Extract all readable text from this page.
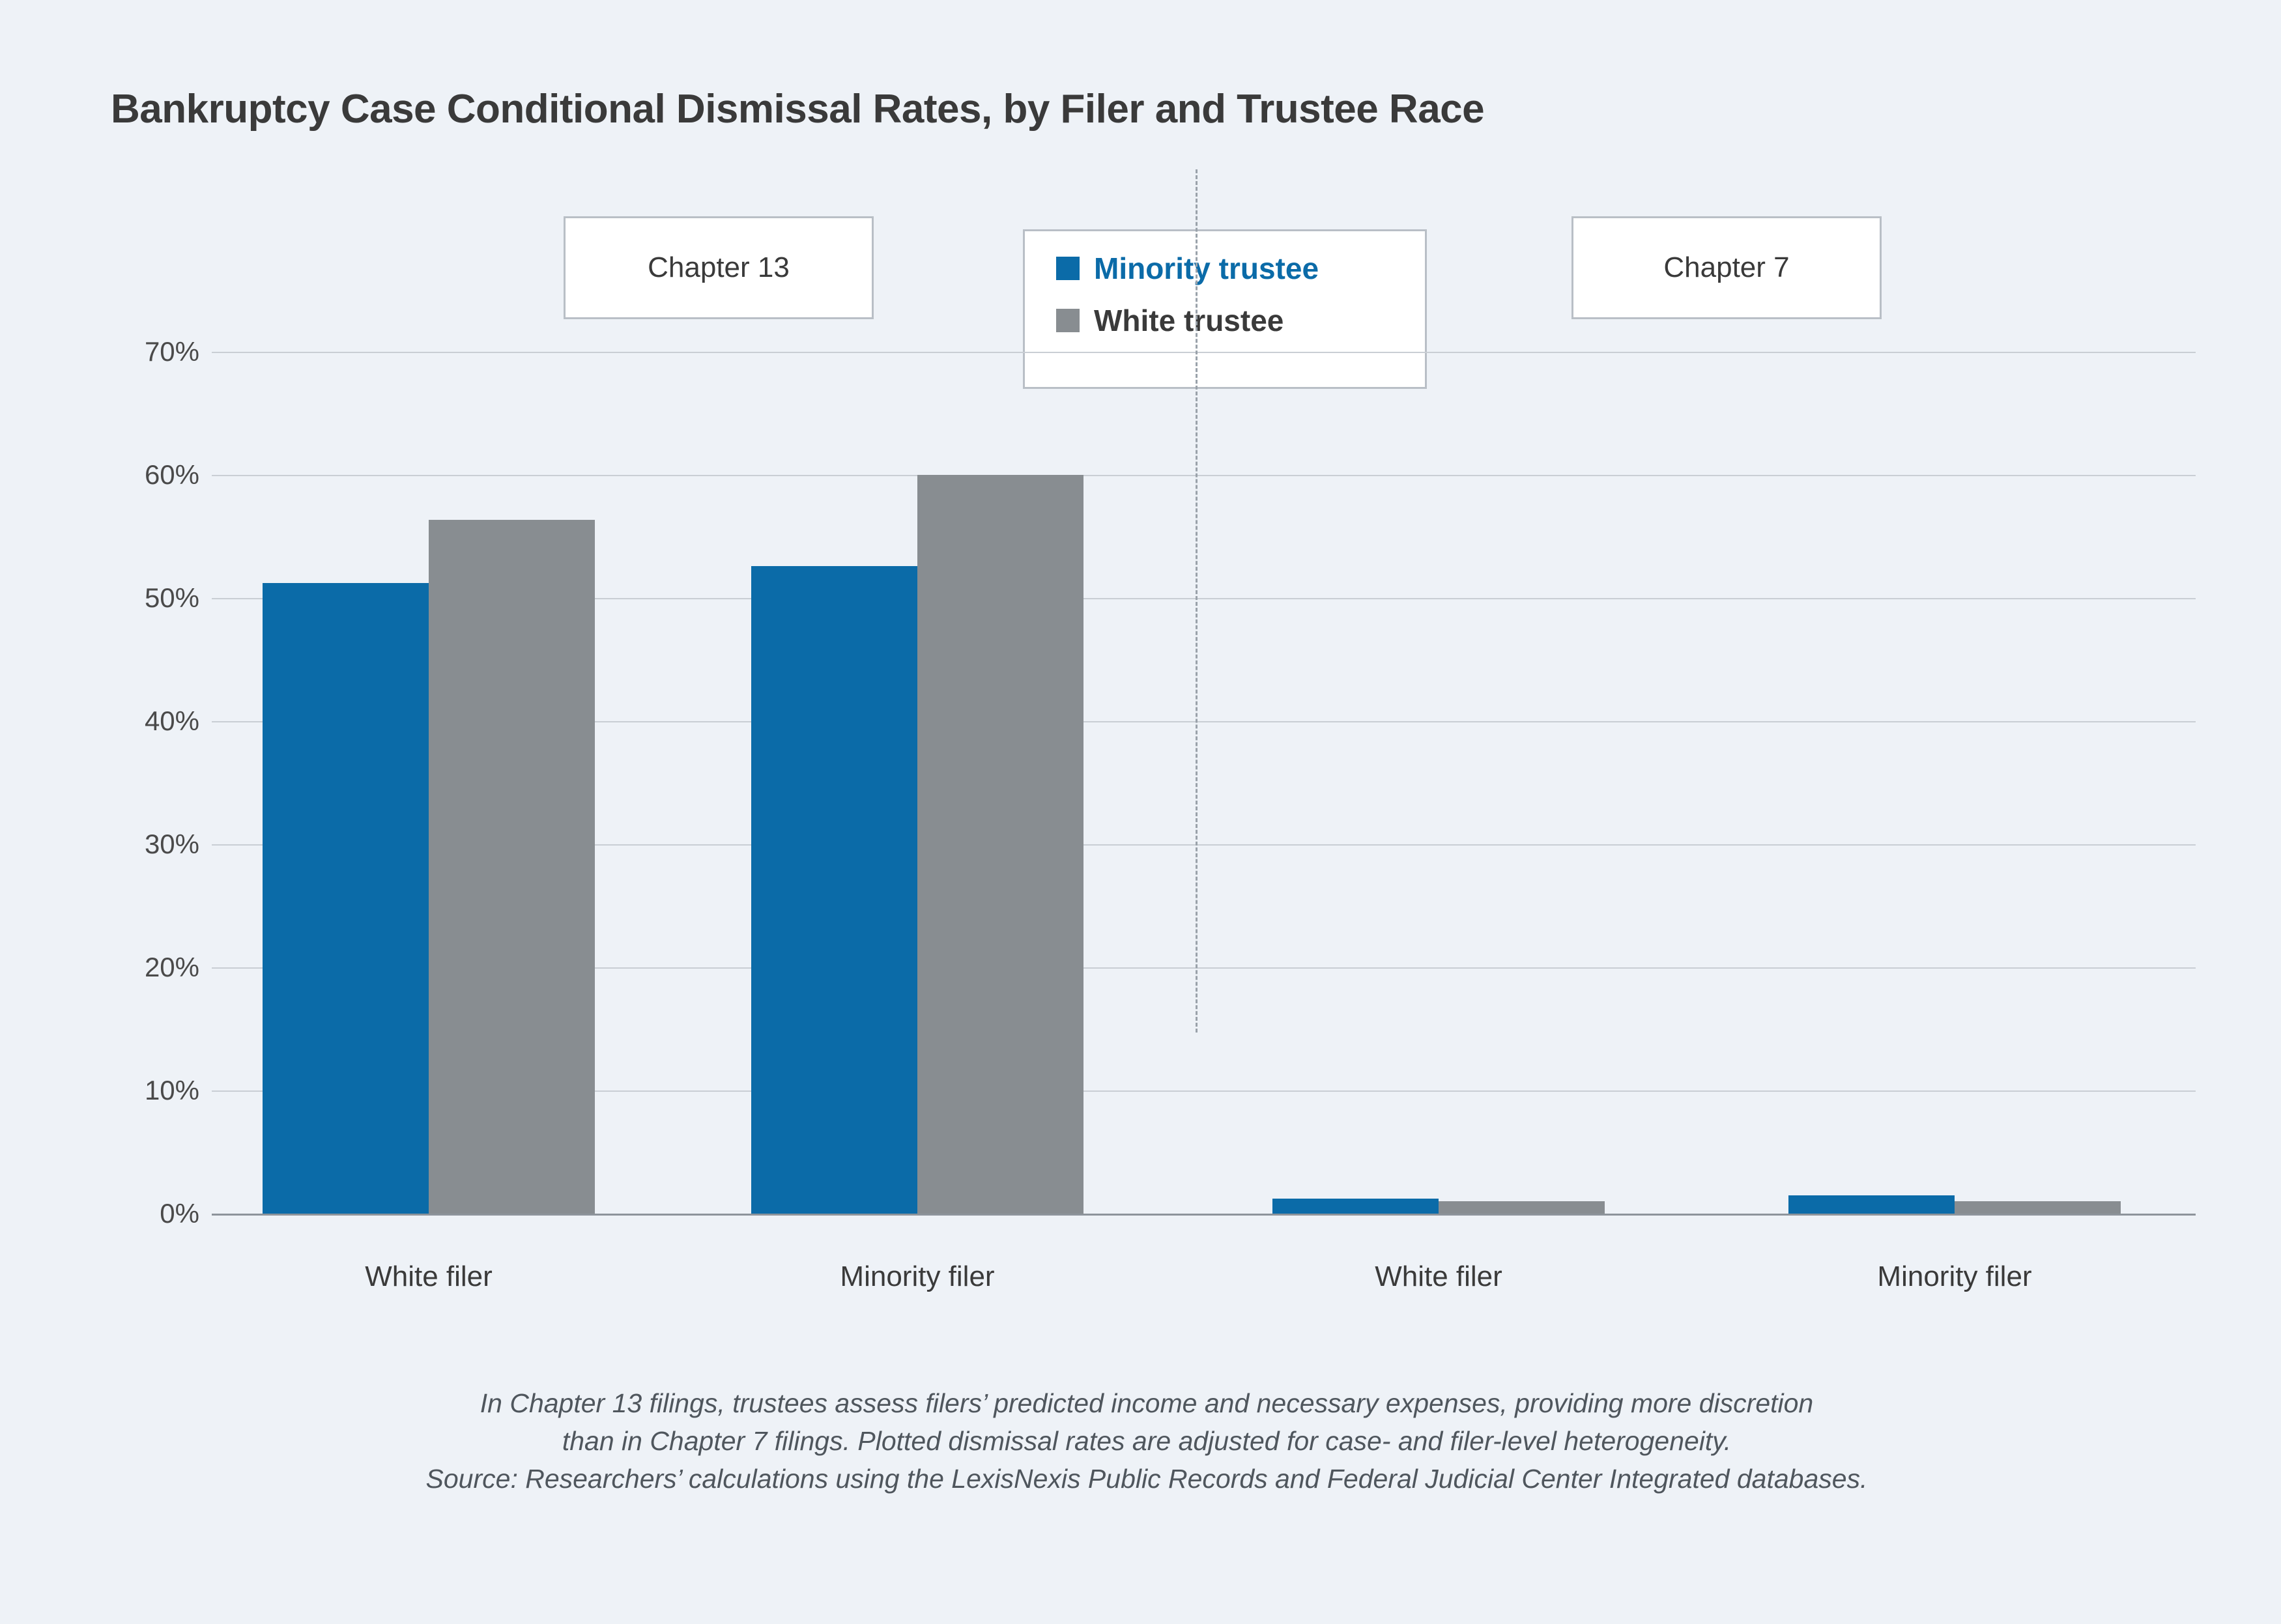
Bankruptcy Case Conditional Dismissal Rates, by Filer and Trustee Race
Chapter 13	Chapter 7
Minority trustee
White trustee
70%
60%
50%
40%
30%
20%
10%
0%
White filer	Minority filer	White filer	Minority filer
In Chapter 13 filings, trustees assess filers’ predicted income and necessary expenses, providing more discretion
than in Chapter 7 filings. Plotted dismissal rates are adjusted for case- and filer-level heterogeneity.
Source: Researchers’ calculations using the LexisNexis Public Records and Federal Judicial Center Integrated databases.
